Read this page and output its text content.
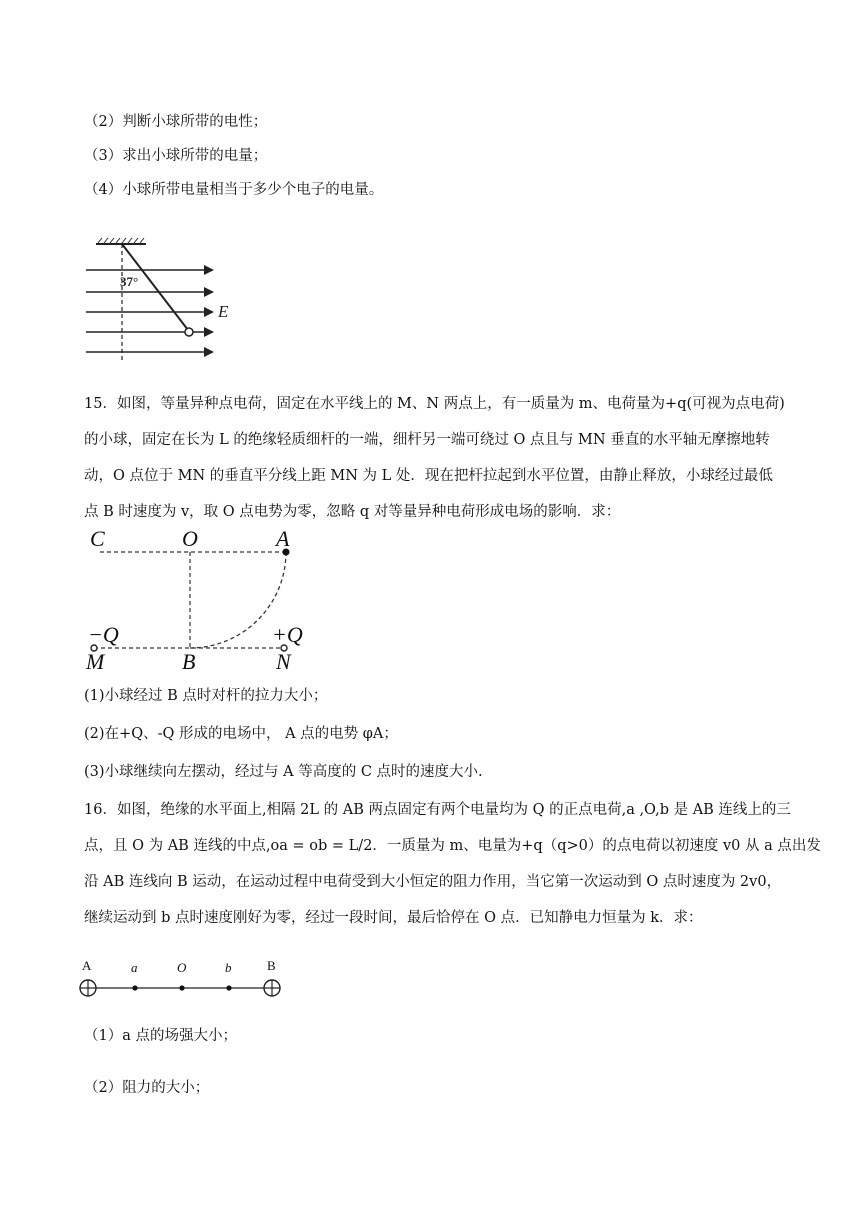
（2）判断小球所带的电性；
（3）求出小球所带的电量；
（4）小球所带电量相当于多少个电子的电量。
37°
E
15．如图，等量异种点电荷，固定在水平线上的 M、N 两点上，有一质量为 m、电荷量为+q(可视为点电荷)
的小球，固定在长为 L 的绝缘轻质细杆的一端，细杆另一端可绕过 O 点且与 MN 垂直的水平轴无摩擦地转
动，O 点位于 MN 的垂直平分线上距 MN 为 L 处．现在把杆拉起到水平位置，由静止释放，小球经过最低
点 B 时速度为 v，取 O 点电势为零，忽略 q 对等量异种电荷形成电场的影响．求：
C	O	A
−Q	+Q
M	B	N
(1)小球经过 B 点时对杆的拉力大小；
(2)在+Q、-Q 形成的电场中， A 点的电势 φA；
(3)小球继续向左摆动，经过与 A 等高度的 C 点时的速度大小.
16．如图，绝缘的水平面上,相隔 2L 的 AB 两点固定有两个电量均为 Q 的正点电荷,a ,O,b 是 AB 连线上的三
点，且 O 为 AB 连线的中点,oa = ob = L/2．一质量为 m、电量为+q（q>0）的点电荷以初速度 v0 从 a 点出发
沿 AB 连线向 B 运动，在运动过程中电荷受到大小恒定的阻力作用，当它第一次运动到 O 点时速度为 2v0，
继续运动到 b 点时速度刚好为零，经过一段时间，最后恰停在 O 点．已知静电力恒量为 k．求：
A	a	O	b	B
（1）a 点的场强大小；
（2）阻力的大小；
